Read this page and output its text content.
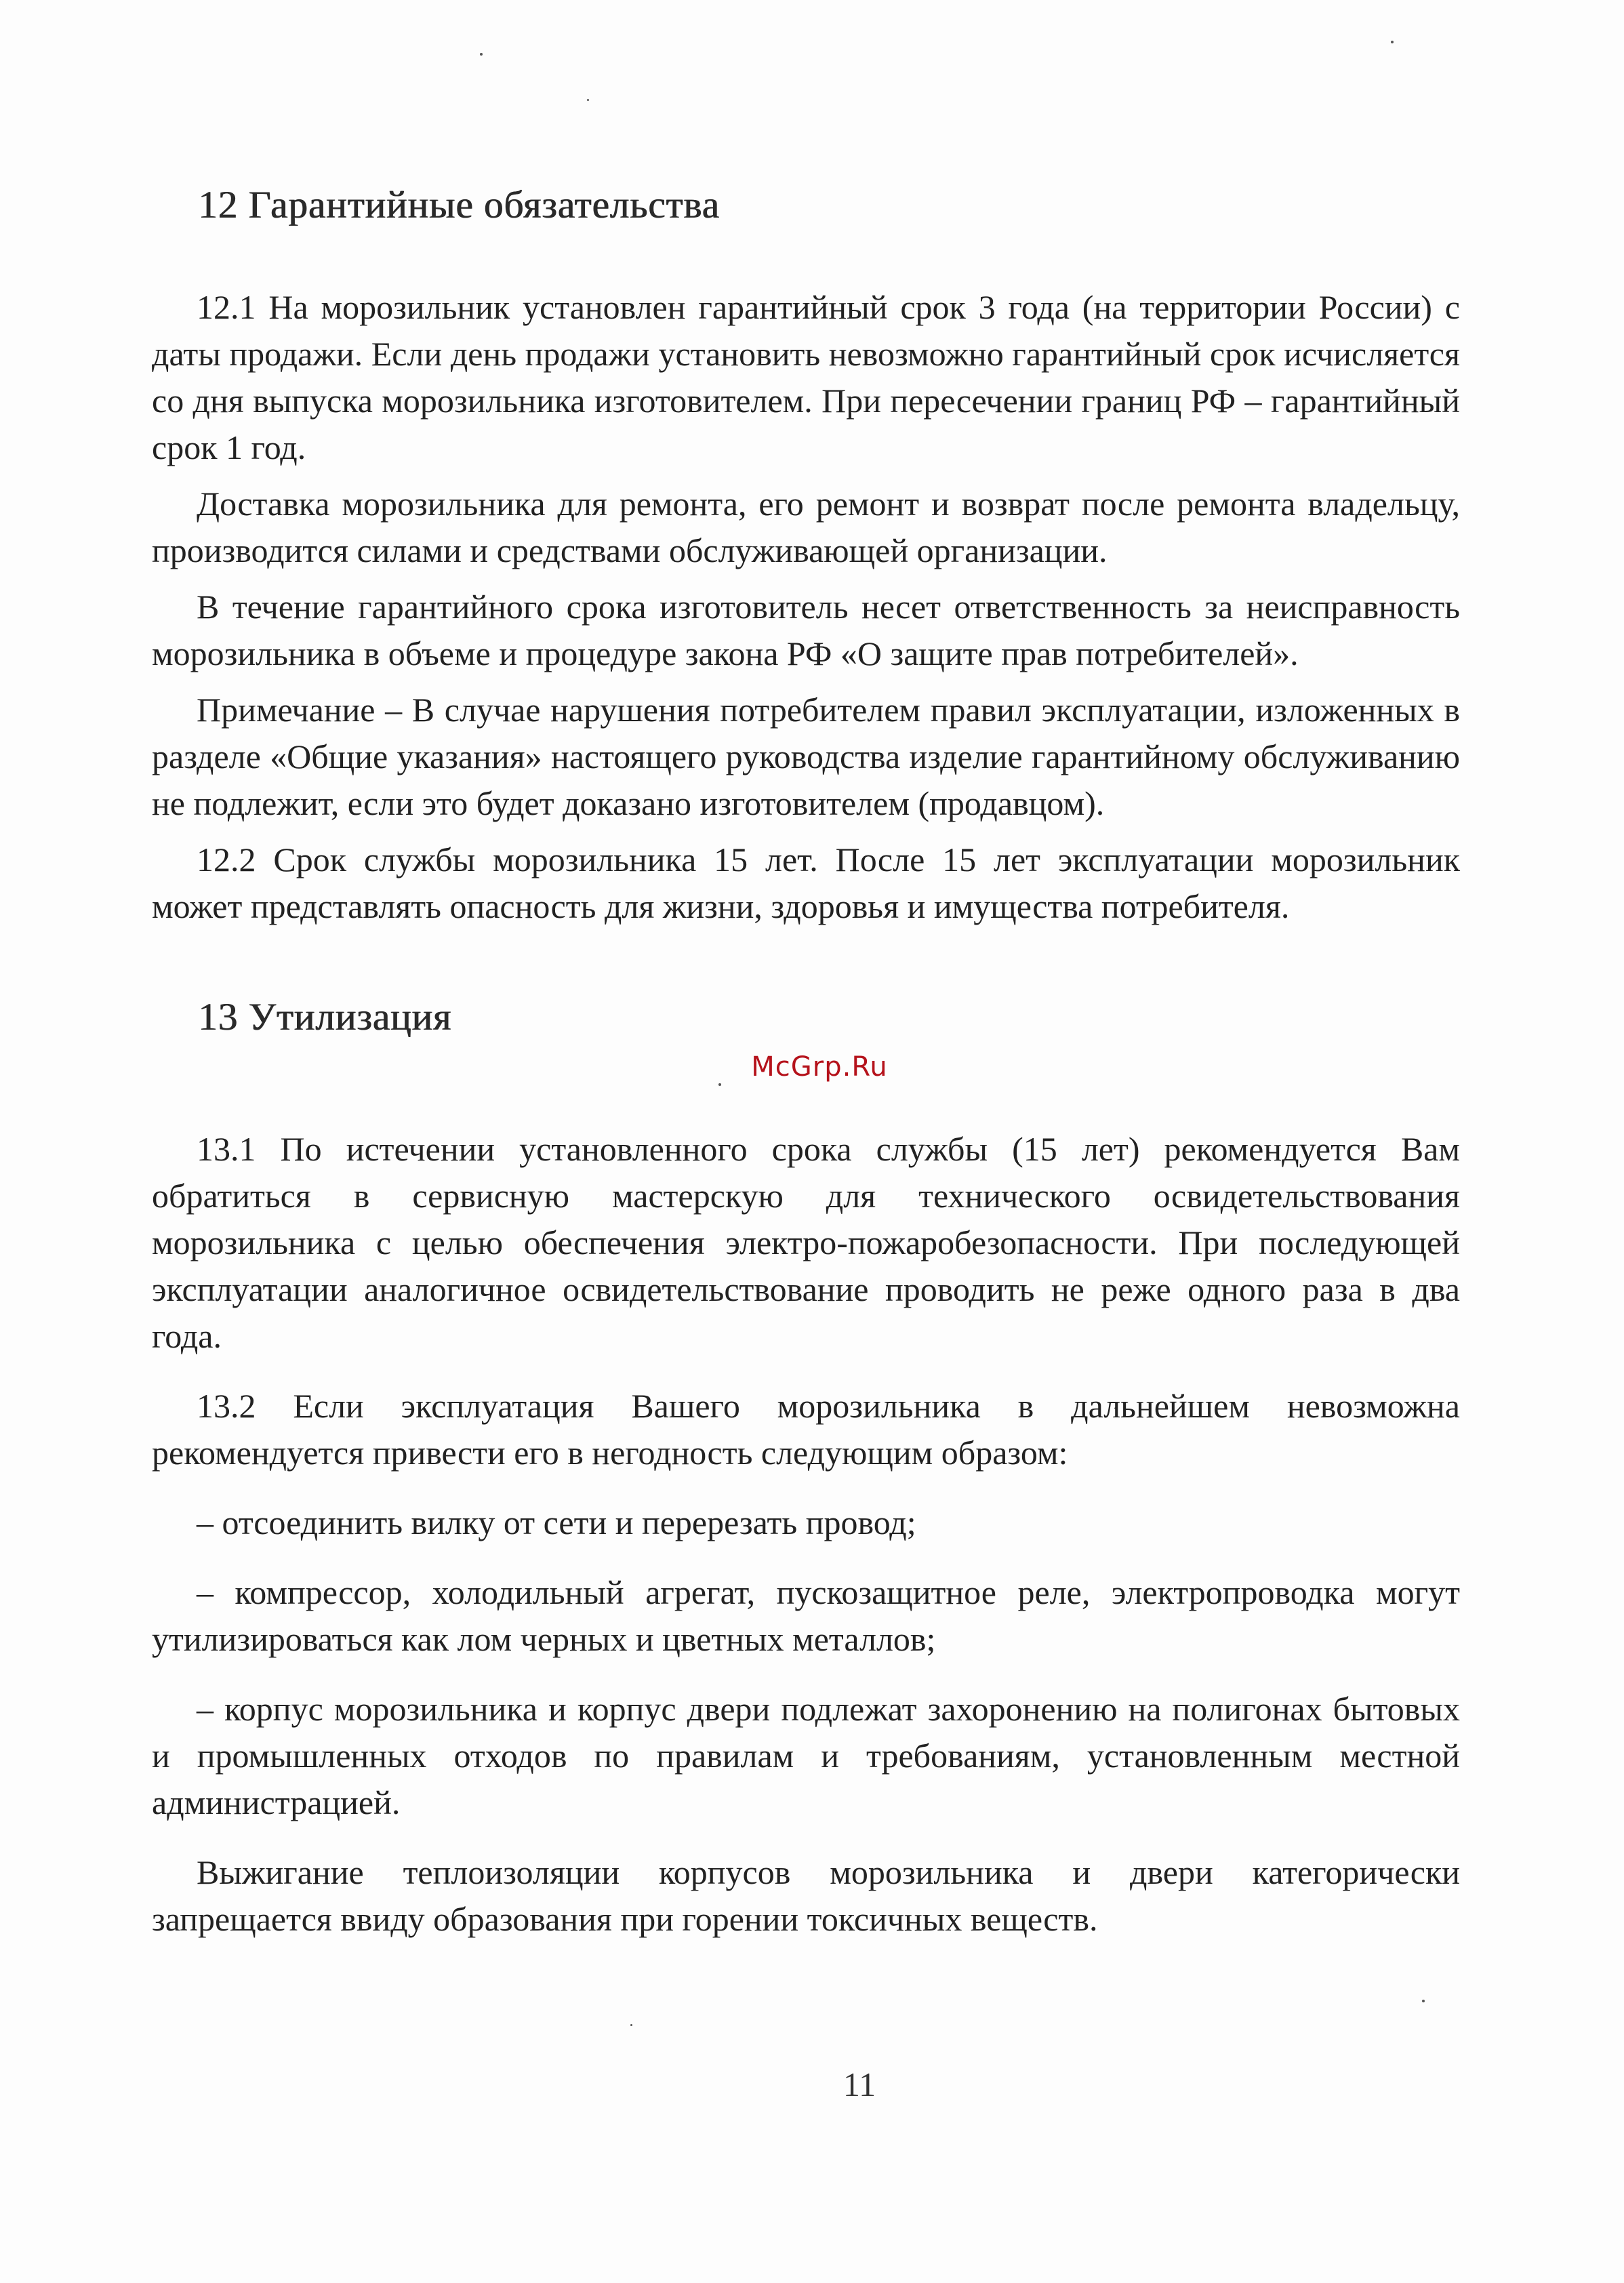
12 Гарантийные обязательства

12.1 На морозильник установлен гарантийный срок 3 года (на территории России) с даты продажи. Если день продажи установить невозможно гарантийный срок исчисляется со дня выпуска морозильника изготовителем. При пересечении границ РФ – гарантийный срок 1 год.

Доставка морозильника для ремонта, его ремонт и возврат после ремонта владельцу, производится силами и средствами обслуживающей организации.

В течение гарантийного срока изготовитель несет ответственность за неисправность морозильника в объеме и процедуре закона РФ «О защите прав потребителей».

Примечание – В случае нарушения потребителем правил эксплуатации, изложенных в разделе «Общие указания» настоящего руководства изделие гарантийному обслуживанию не подлежит, если это будет доказано изготовителем (продавцом).

12.2 Срок службы морозильника 15 лет. После 15 лет эксплуатации морозильник может представлять опасность для жизни, здоровья и имущества потребителя.

13 Утилизация
McGrp.Ru

13.1 По истечении установленного срока службы (15 лет) рекомендуется Вам обратиться в сервисную мастерскую для технического освидетельствования морозильника с целью обеспечения электро-пожаробезопасности. При последующей эксплуатации аналогичное освидетельствование проводить не реже одного раза в два года.

13.2 Если эксплуатация Вашего морозильника в дальнейшем невозможна рекомендуется привести его в негодность следующим образом:

– отсоединить вилку от сети и перерезать провод;

– компрессор, холодильный агрегат, пускозащитное реле, электропроводка могут утилизироваться как лом черных и цветных металлов;

– корпус морозильника и корпус двери подлежат захоронению на полигонах бытовых и промышленных отходов по правилам и требованиям, установленным местной администрацией.

Выжигание теплоизоляции корпусов морозильника и двери категорически запрещается ввиду образования при горении токсичных веществ.

11
